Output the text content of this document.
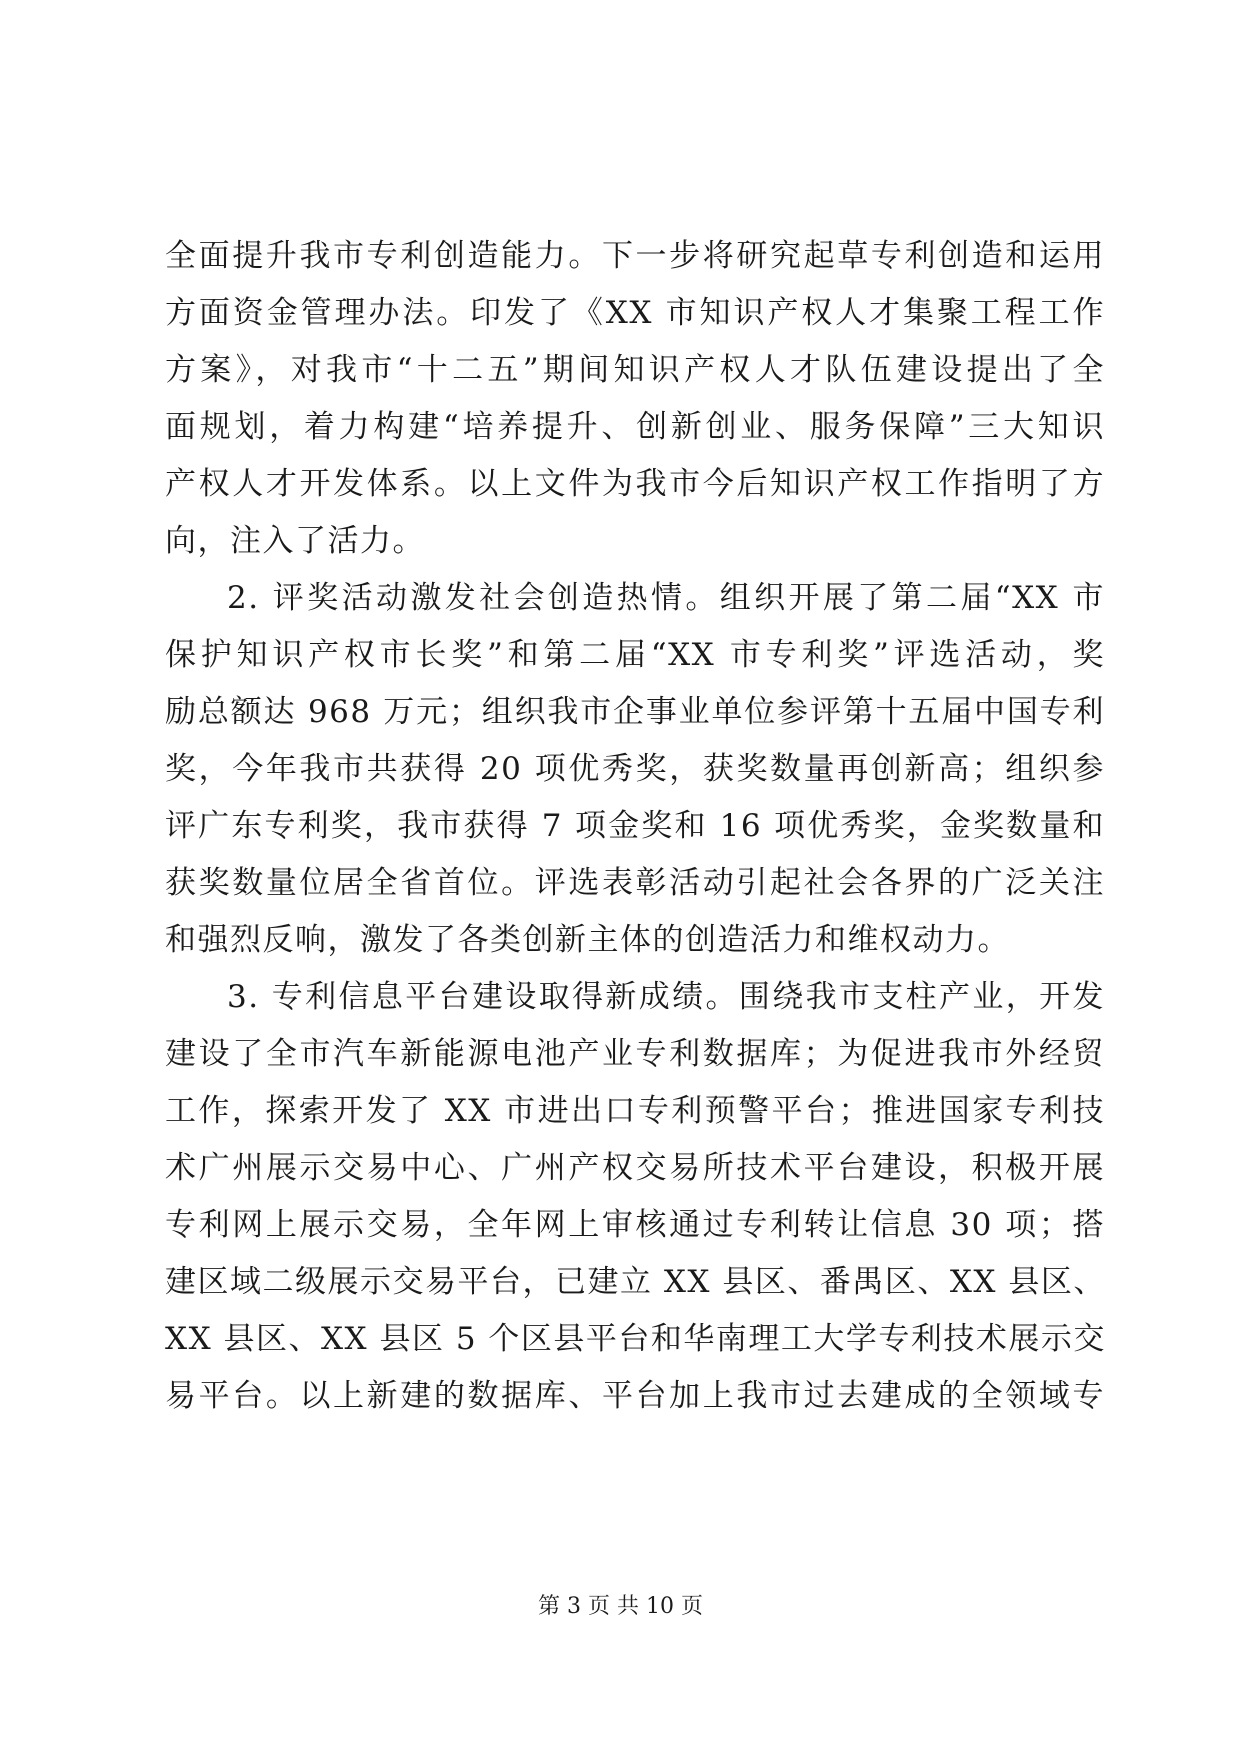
全面提升我市专利创造能力。下一步将研究起草专利创造和运用
方面资金管理办法。印发了《XX 市知识产权人才集聚工程工作
方案》，对我市“十二五”期间知识产权人才队伍建设提出了全
面规划，着力构建“培养提升、创新创业、服务保障”三大知识
产权人才开发体系。以上文件为我市今后知识产权工作指明了方
向，注入了活力。
2. 评奖活动激发社会创造热情。组织开展了第二届“XX 市
保护知识产权市长奖”和第二届“XX 市专利奖”评选活动，奖
励总额达 968 万元；组织我市企事业单位参评第十五届中国专利
奖，今年我市共获得 20 项优秀奖，获奖数量再创新高；组织参
评广东专利奖，我市获得 7 项金奖和 16 项优秀奖，金奖数量和
获奖数量位居全省首位。评选表彰活动引起社会各界的广泛关注
和强烈反响，激发了各类创新主体的创造活力和维权动力。
3. 专利信息平台建设取得新成绩。围绕我市支柱产业，开发
建设了全市汽车新能源电池产业专利数据库；为促进我市外经贸
工作，探索开发了 XX 市进出口专利预警平台；推进国家专利技
术广州展示交易中心、广州产权交易所技术平台建设，积极开展
专利网上展示交易，全年网上审核通过专利转让信息 30 项；搭
建区域二级展示交易平台，已建立 XX 县区、番禺区、XX 县区、
XX 县区、XX 县区 5 个区县平台和华南理工大学专利技术展示交
易平台。以上新建的数据库、平台加上我市过去建成的全领域专
第 3 页 共 10 页
